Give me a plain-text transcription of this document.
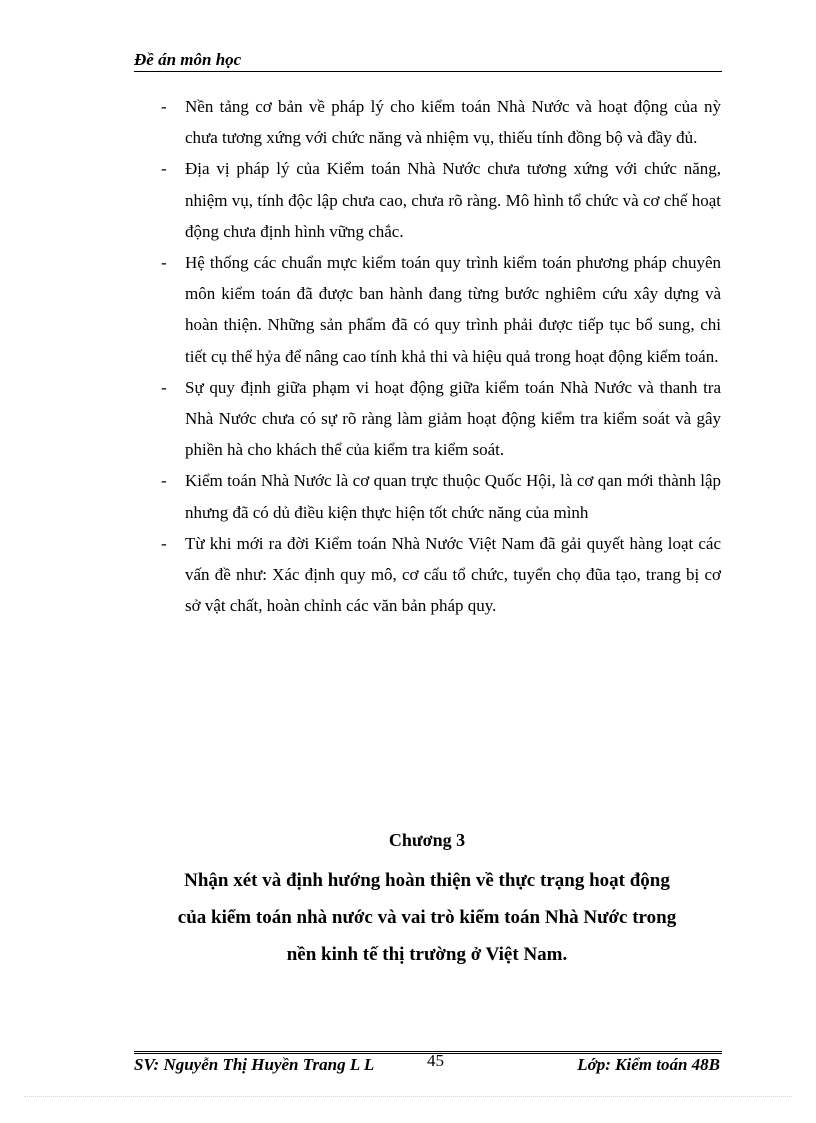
Đề án môn học
- Nền tảng cơ bản về pháp lý cho kiểm toán Nhà Nước và hoạt động của nỳ chưa tương xứng với chức năng và nhiệm vụ, thiếu tính đồng bộ và đầy đủ.
- Địa vị pháp lý của Kiểm toán Nhà Nước chưa tương xứng với chức năng, nhiệm vụ, tính độc lập chưa cao, chưa rõ ràng. Mô hình tổ chức và cơ chế hoạt động chưa định hình vững chắc.
- Hệ thống các chuẩn mực kiểm toán quy trình kiểm toán phương pháp chuyên môn kiểm toán đã được ban hành đang từng bước nghiêm cứu xây dựng và hoàn thiện. Những sản phẩm đã có quy trình phải được tiếp tục bổ sung, chi tiết cụ thể hỷa để nâng cao tính khả thi và hiệu quả trong hoạt động kiểm toán.
- Sự quy định giữa phạm vi hoạt động giữa kiểm toán Nhà Nước và thanh tra Nhà Nước chưa có sự rõ ràng làm giảm hoạt động kiểm tra kiểm soát và gây phiền hà cho khách thể của kiểm tra kiểm soát.
- Kiểm toán Nhà Nước là cơ quan trực thuộc Quốc Hội, là cơ qan mới thành lập nhưng đã có dủ điều kiện thực hiện tốt chức năng của mình
- Từ khi mới ra đời Kiểm toán Nhà Nước Việt Nam đã gải quyết hàng loạt các vấn đề như: Xác định quy mô, cơ cấu tổ chức, tuyển chọ đũa tạo, trang bị cơ sở vật chất, hoàn chỉnh các văn bản pháp quy.
Chương 3
Nhận xét và định hướng hoàn thiện về thực trạng hoạt động
của kiểm toán nhà nước và vai trò kiểm toán Nhà Nước trong
nền kinh tế thị trường ở Việt Nam.
SV: Nguyễn Thị Huyền Trang L L	45	Lớp: Kiểm toán 48B
